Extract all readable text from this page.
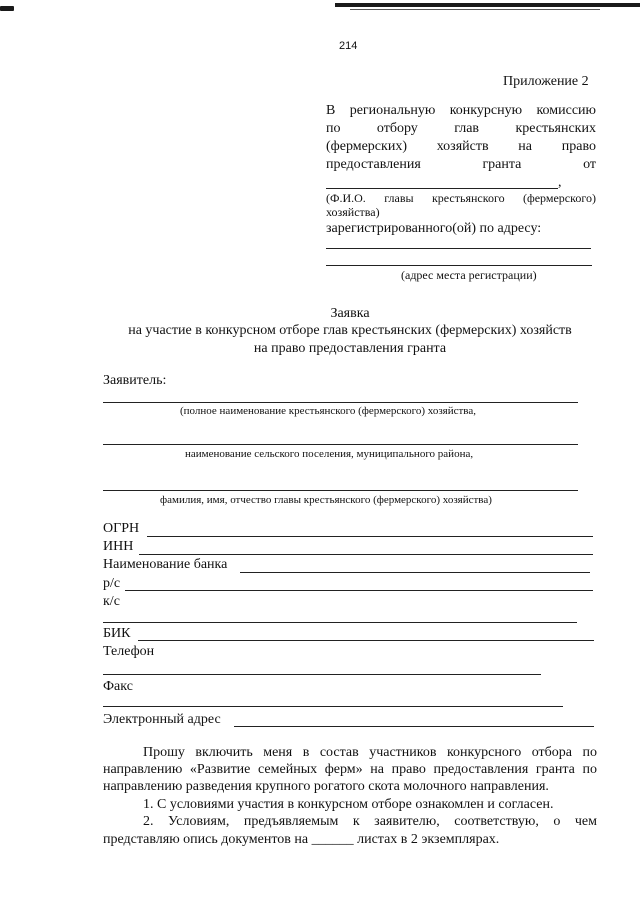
214
Приложение 2
В региональную конкурсную комиссию
по	отбору	глав	крестьянских
(фермерских) хозяйств на право
предоставления	гранта	от
,
(Ф.И.О. главы крестьянского (фермерского)
хозяйства)
зарегистрированного(ой) по адресу:
(адрес места регистрации)
Заявка
на участие в конкурсном отборе глав крестьянских (фермерских) хозяйств
на право предоставления гранта
Заявитель:
(полное наименование крестьянского (фермерского) хозяйства,
наименование сельского поселения, муниципального района,
фамилия, имя, отчество главы крестьянского (фермерского) хозяйства)
ОГРН
ИНН
Наименование банка
р/с
к/с
БИК
Телефон
Факс
Электронный адрес
Прошу включить меня в состав участников конкурсного отбора по
направлению «Развитие семейных ферм» на право предоставления гранта по
направлению разведения крупного рогатого скота молочного направления.
1. С условиями участия в конкурсном отборе ознакомлен и согласен.
2. Условиям, предъявляемым к заявителю, соответствую, о чем
представляю опись документов на ______ листах в 2 экземплярах.
